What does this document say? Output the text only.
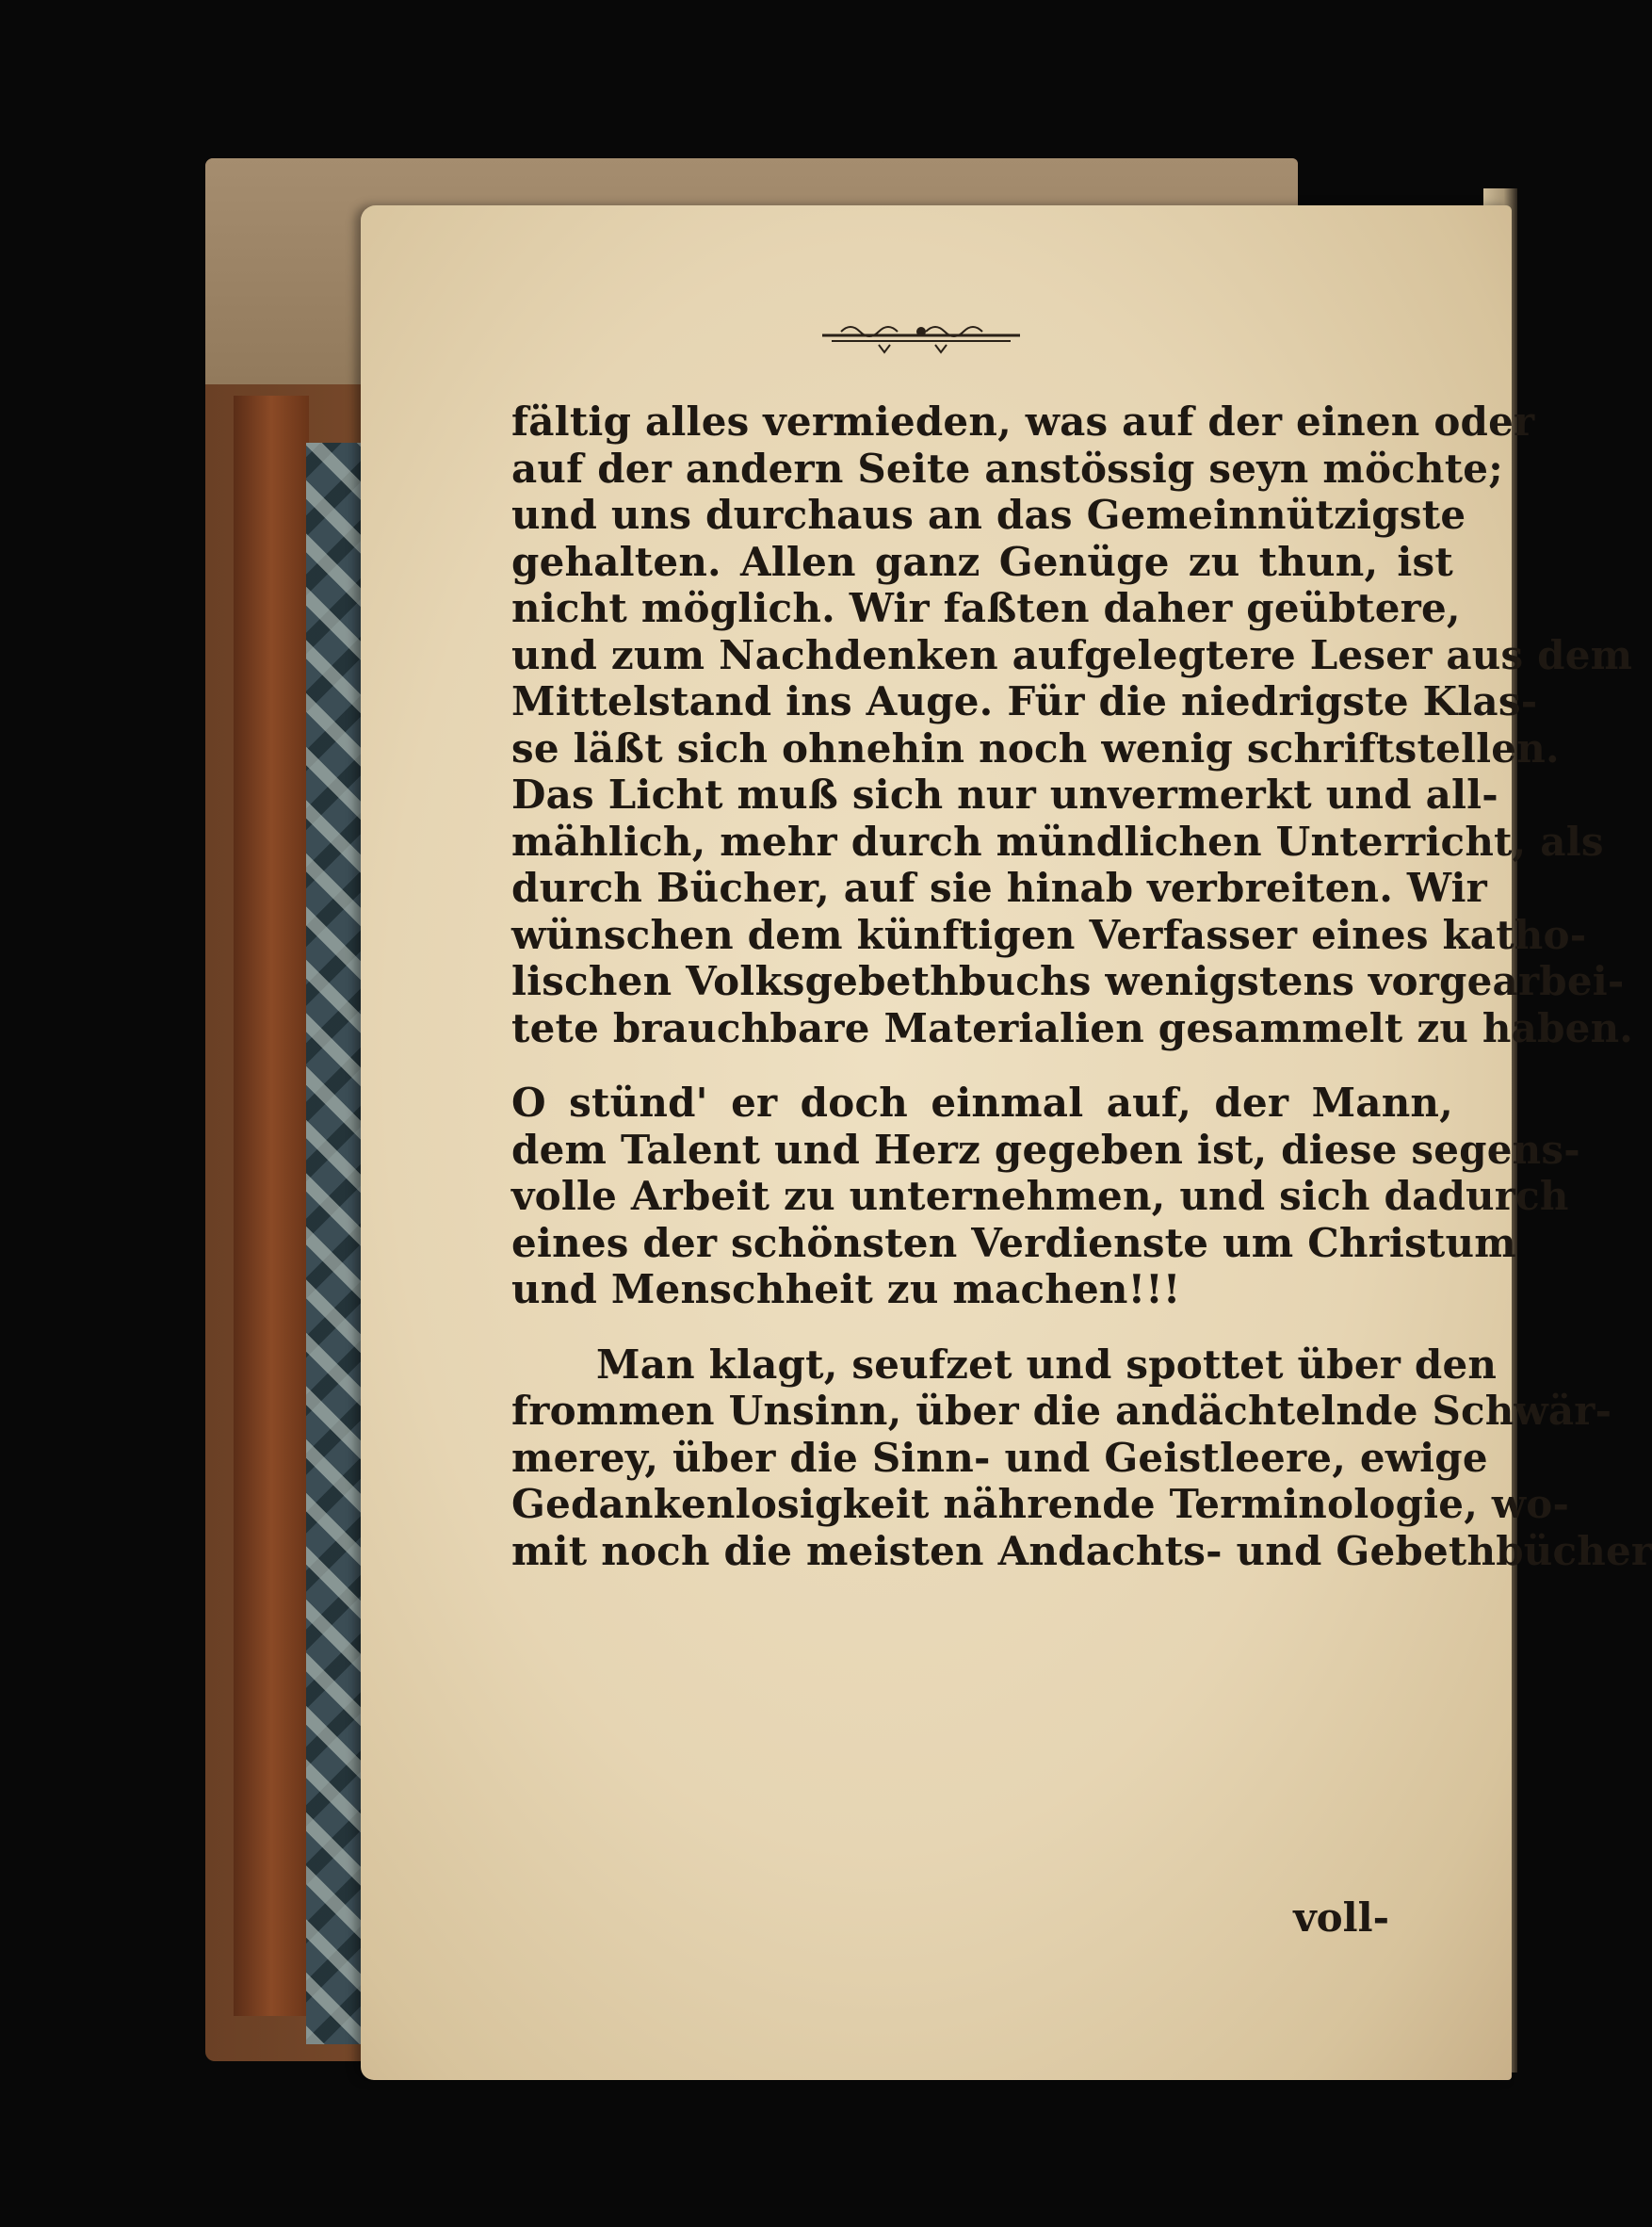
fältig alles vermieden, was auf der einen oder
auf der andern Seite anstössig seyn möchte;
und uns durchaus an das Gemeinnützigste
gehalten. Allen ganz Genüge zu thun, ist
nicht möglich. Wir faßten daher geübtere,
und zum Nachdenken aufgelegtere Leser aus dem
Mittelstand ins Auge. Für die niedrigste Klas-
se läßt sich ohnehin noch wenig schriftstellen.
Das Licht muß sich nur unvermerkt und all-
mählich, mehr durch mündlichen Unterricht, als
durch Bücher, auf sie hinab verbreiten. Wir
wünschen dem künftigen Verfasser eines katho-
lischen Volksgebethbuchs wenigstens vorgearbei-
tete brauchbare Materialien gesammelt zu haben.
O stünd' er doch einmal auf, der Mann,
dem Talent und Herz gegeben ist, diese segens-
volle Arbeit zu unternehmen, und sich dadurch
eines der schönsten Verdienste um Christum
und Menschheit zu machen!!!
Man klagt, seufzet und spottet über den
frommen Unsinn, über die andächtelnde Schwär-
merey, über die Sinn- und Geistleere, ewige
Gedankenlosigkeit nährende Terminologie, wo-
mit noch die meisten Andachts- und Gebethbücher
voll-
